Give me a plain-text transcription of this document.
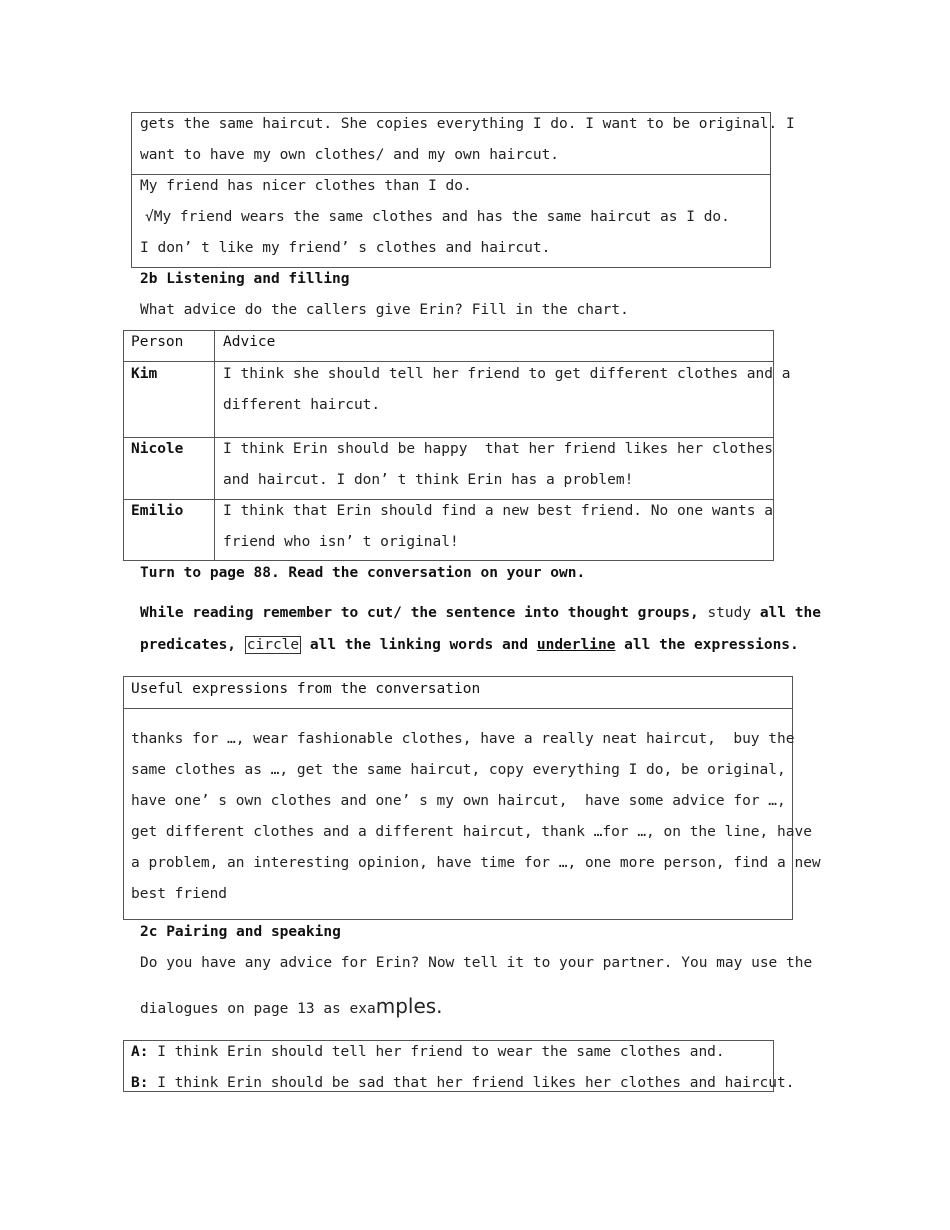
gets the same haircut. She copies everything I do. I want to be original. I
want to have my own clothes/ and my own haircut.
My friend has nicer clothes than I do.
√My friend wears the same clothes and has the same haircut as I do.
I don’ t like my friend’ s clothes and haircut.
2b Listening and filling
What advice do the callers give Erin? Fill in the chart.
Person	Advice
Kim	I think she should tell her friend to get different clothes and a
different haircut.
Nicole	I think Erin should be happy  that her friend likes her clothes
and haircut. I don’ t think Erin has a problem!
Emilio	I think that Erin should find a new best friend. No one wants a
friend who isn’ t original!
Turn to page 88. Read the conversation on your own.
While reading remember to cut/ the sentence into thought groups, study all the
predicates, circle all the linking words and underline all the expressions.
Useful expressions from the conversation
thanks for …, wear fashionable clothes, have a really neat haircut,  buy the
same clothes as …, get the same haircut, copy everything I do, be original,
have one’ s own clothes and one’ s my own haircut,  have some advice for …,
get different clothes and a different haircut, thank …for …, on the line, have
a problem, an interesting opinion, have time for …, one more person, find a new
best friend
2c Pairing and speaking
Do you have any advice for Erin? Now tell it to your partner. You may use the
dialogues on page 13 as examples.
A: I think Erin should tell her friend to wear the same clothes and.
B: I think Erin should be sad that her friend likes her clothes and haircut.
